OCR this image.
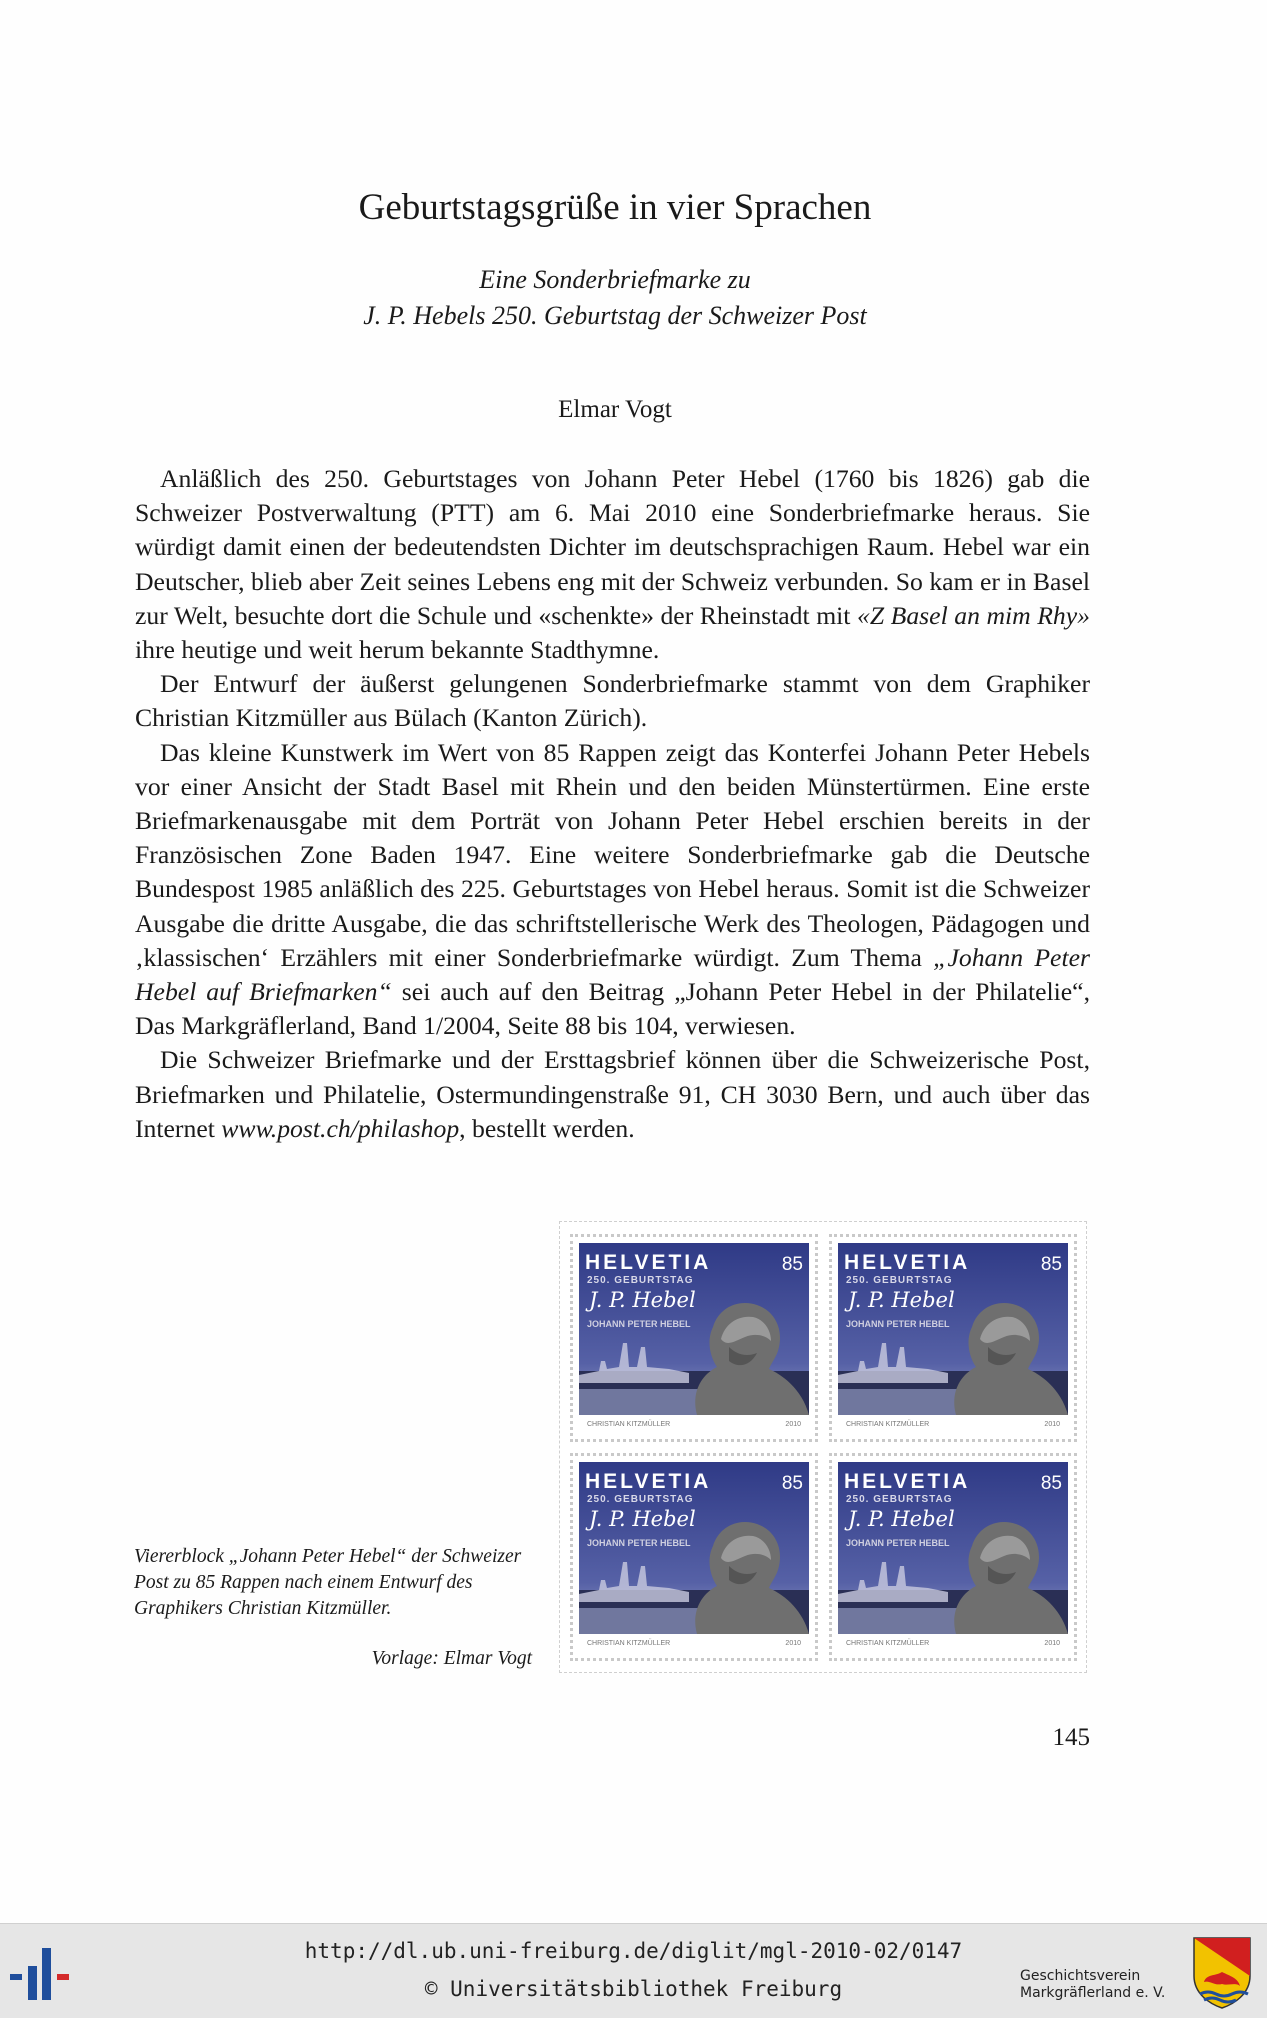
Geburtstagsgrüße in vier Sprachen
Eine Sonderbriefmarke zu
J. P. Hebels 250. Geburtstag der Schweizer Post
Elmar Vogt

Anläßlich des 250. Geburtstages von Johann Peter Hebel (1760 bis 1826) gab die Schweizer Postverwaltung (PTT) am 6. Mai 2010 eine Sonderbriefmarke heraus. Sie würdigt damit einen der bedeutendsten Dichter im deutschsprachigen Raum. Hebel war ein Deutscher, blieb aber Zeit seines Lebens eng mit der Schweiz verbunden. So kam er in Basel zur Welt, besuchte dort die Schule und «schenkte» der Rheinstadt mit «Z Basel an mim Rhy» ihre heutige und weit herum bekannte Stadthymne.

Der Entwurf der äußerst gelungenen Sonderbriefmarke stammt von dem Graphiker Christian Kitzmüller aus Bülach (Kanton Zürich).

Das kleine Kunstwerk im Wert von 85 Rappen zeigt das Konterfei Johann Peter Hebels vor einer Ansicht der Stadt Basel mit Rhein und den beiden Münstertürmen. Eine erste Briefmarkenausgabe mit dem Porträt von Johann Peter Hebel erschien bereits in der Französischen Zone Baden 1947. Eine weitere Sonderbriefmarke gab die Deutsche Bundespost 1985 anläßlich des 225. Geburtstages von Hebel heraus. Somit ist die Schweizer Ausgabe die dritte Ausgabe, die das schriftstellerische Werk des Theologen, Pädagogen und ‚klassischen‘ Erzählers mit einer Sonderbriefmarke würdigt. Zum Thema „Johann Peter Hebel auf Briefmarken“ sei auch auf den Beitrag „Johann Peter Hebel in der Philatelie“, Das Markgräflerland, Band 1/2004, Seite 88 bis 104, verwiesen.

Die Schweizer Briefmarke und der Ersttagsbrief können über die Schweizerische Post, Briefmarken und Philatelie, Ostermundingenstraße 91, CH 3030 Bern, und auch über das Internet www.post.ch/philashop, bestellt werden.

HELVETIA	85
250. GEBURTSTAG
J. P. Hebel
JOHANN PETER HEBEL
CHRISTIAN KITZMÜLLER	2010
HELVETIA	85
250. GEBURTSTAG
J. P. Hebel
JOHANN PETER HEBEL
CHRISTIAN KITZMÜLLER	2010
HELVETIA	85
250. GEBURTSTAG
J. P. Hebel
JOHANN PETER HEBEL
CHRISTIAN KITZMÜLLER	2010
HELVETIA	85
250. GEBURTSTAG
J. P. Hebel
JOHANN PETER HEBEL
CHRISTIAN KITZMÜLLER	2010
Viererblock „Johann Peter Hebel“ der Schweizer Post zu 85 Rappen nach einem Entwurf des Graphikers Christian Kitzmüller.
Vorlage: Elmar Vogt
145
http://dl.ub.uni-freiburg.de/diglit/mgl-2010-02/0147
© Universitätsbibliothek Freiburg
Geschichtsverein
Markgräflerland e. V.
